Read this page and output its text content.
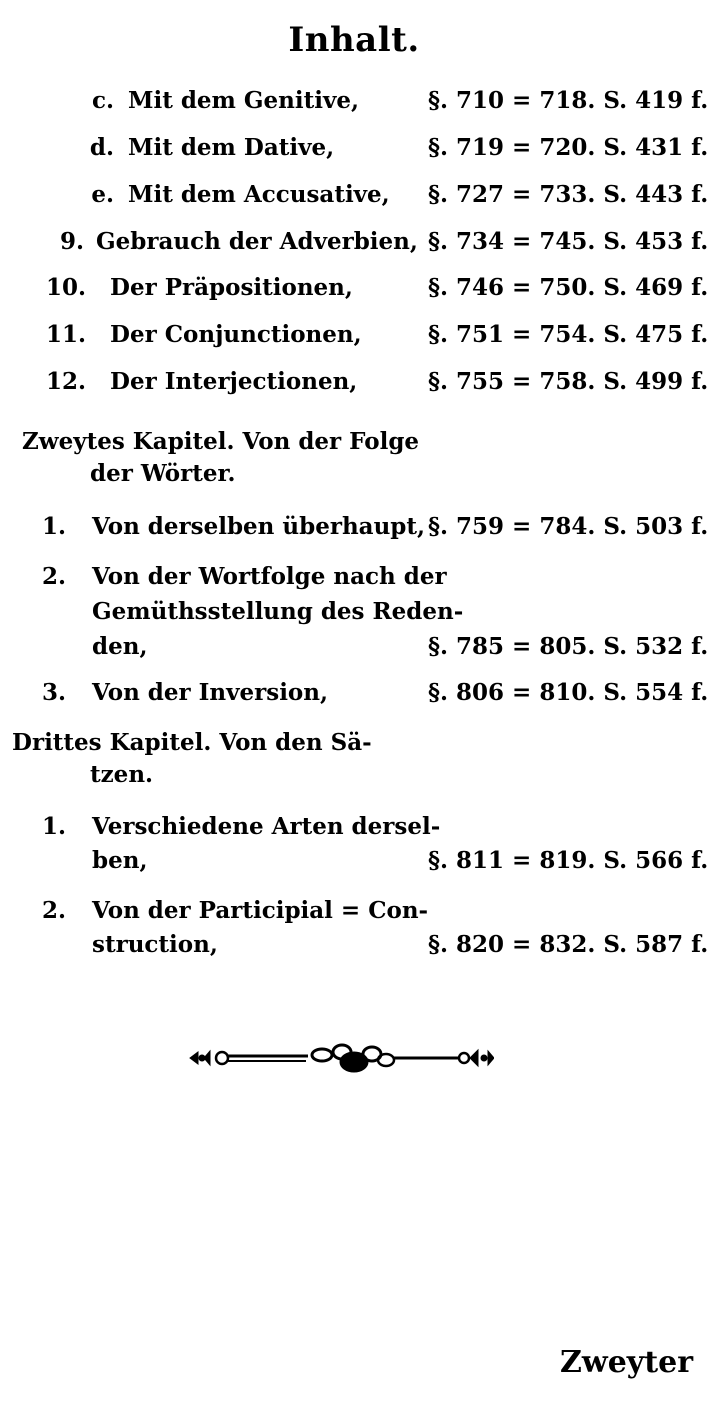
Inhalt.
c. Mit dem Genitive,	§. 710 = 718. S. 419 f.
d. Mit dem Dative,	§. 719 = 720. S. 431 f.
e. Mit dem Accusative, §. 727 = 733. S. 443 f.
9. Gebrauch der Adverbien, §. 734 = 745. S. 453 f.
10. Der Präpositionen,	§. 746 = 750. S. 469 f.
11. Der Conjunctionen,	§. 751 = 754. S. 475 f.
12. Der Interjectionen,	§. 755 = 758. S. 499 f.
Zweytes Kapitel. Von der Folge
der Wörter.
1. Von derselben überhaupt, §. 759 = 784. S. 503 f.
2. Von der Wortfolge nach der
Gemüthsstellung des Reden-
den,	§. 785 = 805. S. 532 f.
3. Von der Inversion,	§. 806 = 810. S. 554 f.
Drittes Kapitel. Von den Sä-
tzen.
1. Verschiedene Arten dersel-
ben,	§. 811 = 819. S. 566 f.
2. Von der Participial = Con-
struction,	§. 820 = 832. S. 587 f.
Zweyter
